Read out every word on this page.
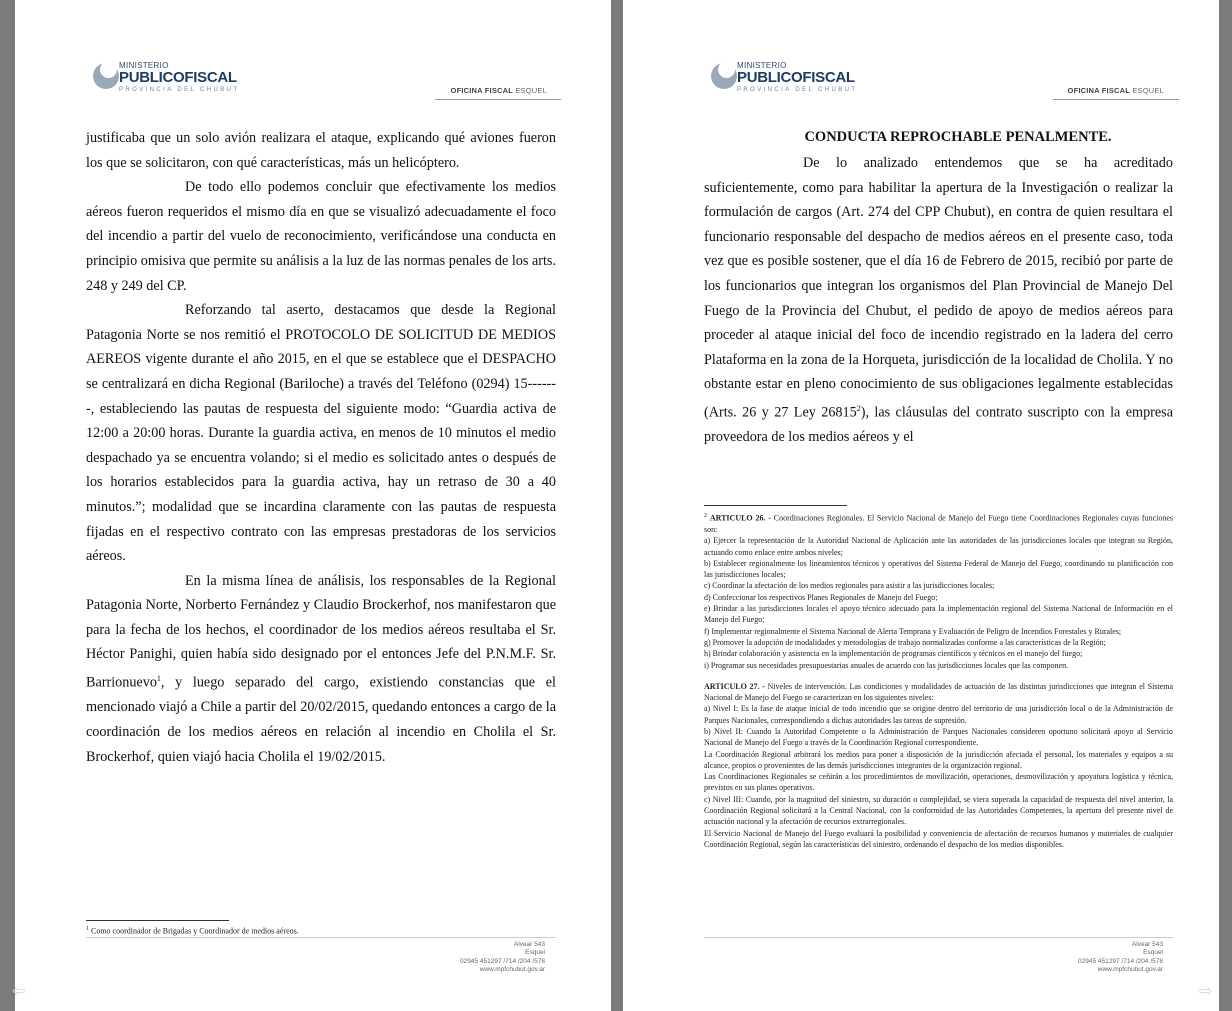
MINISTERIO
PUBLICOFISCAL
PROVINCIA DEL CHUBUT	OFICINA FISCAL ESQUEL

justificaba que un solo avión realizara el ataque, explicando qué aviones fueron los que se solicitaron, con qué características, más un helicóptero.

De todo ello podemos concluir que efectivamente los medios aéreos fueron requeridos el mismo día en que se visualizó adecuadamente el foco del incendio a partir del vuelo de reconocimiento, verificándose una conducta en principio omisiva que permite su análisis a la luz de las normas penales de los arts. 248 y 249 del CP.

Reforzando tal aserto, destacamos que desde la Regional Patagonia Norte se nos remitió el PROTOCOLO DE SOLICITUD DE MEDIOS AEREOS vigente durante el año 2015, en el que se establece que el DESPACHO se centralizará en dicha Regional (Bariloche) a través del Teléfono (0294) 15-------, estableciendo las pautas de respuesta del siguiente modo: “Guardia activa de 12:00 a 20:00 horas. Durante la guardia activa, en menos de 10 minutos el medio despachado ya se encuentra volando; si el medio es solicitado antes o después de los horarios establecidos para la guardia activa, hay un retraso de 30 a 40 minutos.”; modalidad que se incardina claramente con las pautas de respuesta fijadas en el respectivo contrato con las empresas prestadoras de los servicios aéreos.

En la misma línea de análisis, los responsables de la Regional Patagonia Norte, Norberto Fernández y Claudio Brockerhof, nos manifestaron que para la fecha de los hechos, el coordinador de los medios aéreos resultaba el Sr. Héctor Panighi, quien había sido designado por el entonces Jefe del P.N.M.F. Sr. Barrionuevo$^1$, y luego separado del cargo, existiendo constancias que el mencionado viajó a Chile a partir del 20/02/2015, quedando entonces a cargo de la coordinación de los medios aéreos en relación al incendio en Cholila el Sr. Brockerhof, quien viajó hacia Cholila el 19/02/2015.

$^1$ Como coordinador de Brigadas y Coordinador de medios aéreos.
Alvear 543
Esquel
02945 451297 /714 /204 /578
www.mpfchubut.gov.ar
MINISTERIO
PUBLICOFISCAL
PROVINCIA DEL CHUBUT	OFICINA FISCAL ESQUEL
CONDUCTA REPROCHABLE PENALMENTE.

De lo analizado entendemos que se ha acreditado suficientemente, como para habilitar la apertura de la Investigación o realizar la formulación de cargos (Art. 274 del CPP Chubut), en contra de quien resultara el funcionario responsable del despacho de medios aéreos en el presente caso, toda vez que es posible sostener, que el día 16 de Febrero de 2015, recibió por parte de los funcionarios que integran los organismos del Plan Provincial de Manejo Del Fuego de la Provincia del Chubut, el pedido de apoyo de medios aéreos para proceder al ataque inicial del foco de incendio registrado en la ladera del cerro Plataforma en la zona de la Horqueta, jurisdicción de la localidad de Cholila. Y no obstante estar en pleno conocimiento de sus obligaciones legalmente establecidas (Arts. 26 y 27 Ley 26815$^2$), las cláusulas del contrato suscripto con la empresa proveedora de los medios aéreos y el

$^2$ ARTICULO 26. - Coordinaciones Regionales. El Servicio Nacional de Manejo del Fuego tiene Coordinaciones Regionales cuyas funciones son:

a) Ejercer la representación de la Autoridad Nacional de Aplicación ante las autoridades de las jurisdicciones locales que integran su Región, actuando como enlace entre ambos niveles;

b) Establecer regionalmente los lineamientos técnicos y operativos del Sistema Federal de Manejo del Fuego, coordinando su planificación con las jurisdicciones locales;

c) Coordinar la afectación de los medios regionales para asistir a las jurisdicciones locales;

d) Confeccionar los respectivos Planes Regionales de Manejo del Fuego;

e) Brindar a las jurisdicciones locales el apoyo técnico adecuado para la implementación regional del Sistema Nacional de Información en el Manejo del Fuego;

f) Implementar regionalmente el Sistema Nacional de Alerta Temprana y Evaluación de Peligro de Incendios Forestales y Rurales;

g) Promover la adopción de modalidades y metodologías de trabajo normalizadas conforme a las características de la Región;

h) Brindar colaboración y asistencia en la implementación de programas científicos y técnicos en el manejo del fuego;

i) Programar sus necesidades presupuestarias anuales de acuerdo con las jurisdicciones locales que las componen.

ARTICULO 27. - Niveles de intervención. Las condiciones y modalidades de actuación de las distintas jurisdicciones que integran el Sistema Nacional de Manejo del Fuego se caracterizan en los siguientes niveles:

a) Nivel I: Es la fase de ataque inicial de todo incendio que se origine dentro del territorio de una jurisdicción local o de la Administración de Parques Nacionales, correspondiendo a dichas autoridades las tareas de supresión.

b) Nivel II: Cuando la Autoridad Competente o la Administración de Parques Nacionales consideren oportuno solicitará apoyo al Servicio Nacional de Manejo del Fuego a través de la Coordinación Regional correspondiente.

La Coordinación Regional arbitrará los medios para poner a disposición de la jurisdicción afectada el personal, los materiales y equipos a su alcance, propios o provenientes de las demás jurisdicciones integrantes de la organización regional.

Las Coordinaciones Regionales se ceñirán a los procedimientos de movilización, operaciones, desmovilización y apoyatura logística y técnica, previstos en sus planes operativos.

c) Nivel III: Cuando, por la magnitud del siniestro, su duración o complejidad, se viera superada la capacidad de respuesta del nivel anterior, la Coordinación Regional solicitará a la Central Nacional, con la conformidad de las Autoridades Competentes, la apertura del presente nivel de actuación nacional y la afectación de recursos extrarregionales.

El Servicio Nacional de Manejo del Fuego evaluará la posibilidad y conveniencia de afectación de recursos humanos y materiales de cualquier Coordinación Regional, según las características del siniestro, ordenando el despacho de los medios disponibles.

Alvear 543
Esquel
02945 451297 /714 /204 /578
www.mpfchubut.gov.ar
⇦	⇨
